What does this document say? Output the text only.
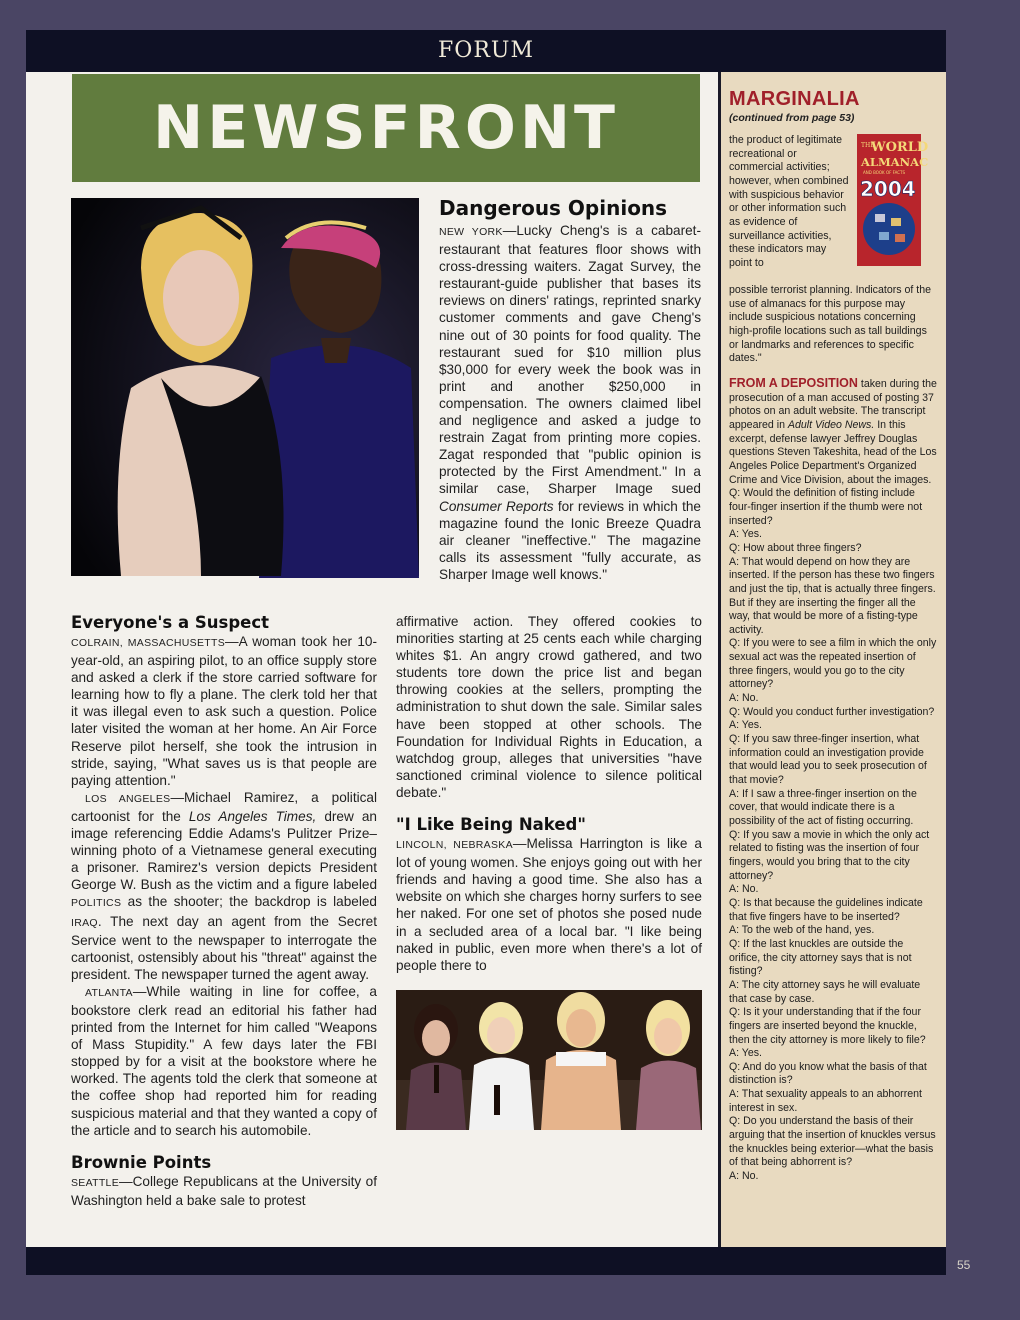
FORUM
NEWSFRONT
Dangerous Opinions
NEW YORK—Lucky Cheng's is a cabaret-restaurant that features floor shows with cross-dressing waiters. Zagat Survey, the restaurant-guide publisher that bases its reviews on diners' ratings, reprinted snarky customer comments and gave Cheng's nine out of 30 points for food quality. The restaurant sued for $10 million plus $30,000 for every week the book was in print and another $250,000 in compensation. The owners claimed libel and negligence and asked a judge to restrain Zagat from printing more copies. Zagat responded that "public opinion is protected by the First Amendment." In a similar case, Sharper Image sued Consumer Reports for reviews in which the magazine found the Ionic Breeze Quadra air cleaner "ineffective." The magazine calls its assessment "fully accurate, as Sharper Image well knows."
Everyone's a Suspect
COLRAIN, MASSACHUSETTS—A woman took her 10-year-old, an aspiring pilot, to an office supply store and asked a clerk if the store carried software for learning how to fly a plane. The clerk told her that it was illegal even to ask such a question. Police later visited the woman at her home. An Air Force Reserve pilot herself, she took the intrusion in stride, saying, "What saves us is that people are paying attention."
LOS ANGELES—Michael Ramirez, a political cartoonist for the Los Angeles Times, drew an image referencing Eddie Adams's Pulitzer Prize–winning photo of a Vietnamese general executing a prisoner. Ramirez's version depicts President George W. Bush as the victim and a figure labeled POLITICS as the shooter; the backdrop is labeled IRAQ. The next day an agent from the Secret Service went to the newspaper to interrogate the cartoonist, ostensibly about his "threat" against the president. The newspaper turned the agent away.
ATLANTA—While waiting in line for coffee, a bookstore clerk read an editorial his father had printed from the Internet for him called "Weapons of Mass Stupidity." A few days later the FBI stopped by for a visit at the bookstore where he worked. The agents told the clerk that someone at the coffee shop had reported him for reading suspicious material and that they wanted a copy of the article and to search his automobile.
Brownie Points
SEATTLE—College Republicans at the University of Washington held a bake sale to protest
affirmative action. They offered cookies to minorities starting at 25 cents each while charging whites $1. An angry crowd gathered, and two students tore down the price list and began throwing cookies at the sellers, prompting the administration to shut down the sale. Similar sales have been stopped at other schools. The Foundation for Individual Rights in Education, a watchdog group, alleges that universities "have sanctioned criminal violence to silence political debate."
"I Like Being Naked"
LINCOLN, NEBRASKA—Melissa Harrington is like a lot of young women. She enjoys going out with her friends and having a good time. She also has a website on which she charges horny surfers to see her naked. For one set of photos she posed nude in a secluded area of a local bar. "I like being naked in public, even more when there's a lot of people there to
MARGINALIA
(continued from page 53)
the product of legitimate recreational or commercial activities; however, when combined with suspicious behavior or other information such as evidence of surveillance activities, these indicators may point to
THE
WORLD
ALMANAC
AND BOOK OF FACTS
2004
possible terrorist planning. Indicators of the use of almanacs for this purpose may include suspicious notations concerning high-profile locations such as tall buildings or landmarks and references to specific dates."
FROM A DEPOSITION taken during the prosecution of a man accused of posting 37 photos on an adult website. The transcript appeared in Adult Video News. In this excerpt, defense lawyer Jeffrey Douglas questions Steven Takeshita, head of the Los Angeles Police Department's Organized Crime and Vice Division, about the images.
Q: Would the definition of fisting include four-finger insertion if the thumb were not inserted?
A: Yes.
Q: How about three fingers?
A: That would depend on how they are inserted. If the person has these two fingers and just the tip, that is actually three fingers. But if they are inserting the finger all the way, that would be more of a fisting-type activity.
Q: If you were to see a film in which the only sexual act was the repeated insertion of three fingers, would you go to the city attorney?
A: No.
Q: Would you conduct further investigation?
A: Yes.
Q: If you saw three-finger insertion, what information could an investigation provide that would lead you to seek prosecution of that movie?
A: If I saw a three-finger insertion on the cover, that would indicate there is a possibility of the act of fisting occurring.
Q: If you saw a movie in which the only act related to fisting was the insertion of four fingers, would you bring that to the city attorney?
A: No.
Q: Is that because the guidelines indicate that five fingers have to be inserted?
A: To the web of the hand, yes.
Q: If the last knuckles are outside the orifice, the city attorney says that is not fisting?
A: The city attorney says he will evaluate that case by case.
Q: Is it your understanding that if the four fingers are inserted beyond the knuckle, then the city attorney is more likely to file?
A: Yes.
Q: And do you know what the basis of that distinction is?
A: That sexuality appeals to an abhorrent interest in sex.
Q: Do you understand the basis of their arguing that the insertion of knuckles versus the knuckles being exterior—what the basis of that being abhorrent is?
A: No.
55
